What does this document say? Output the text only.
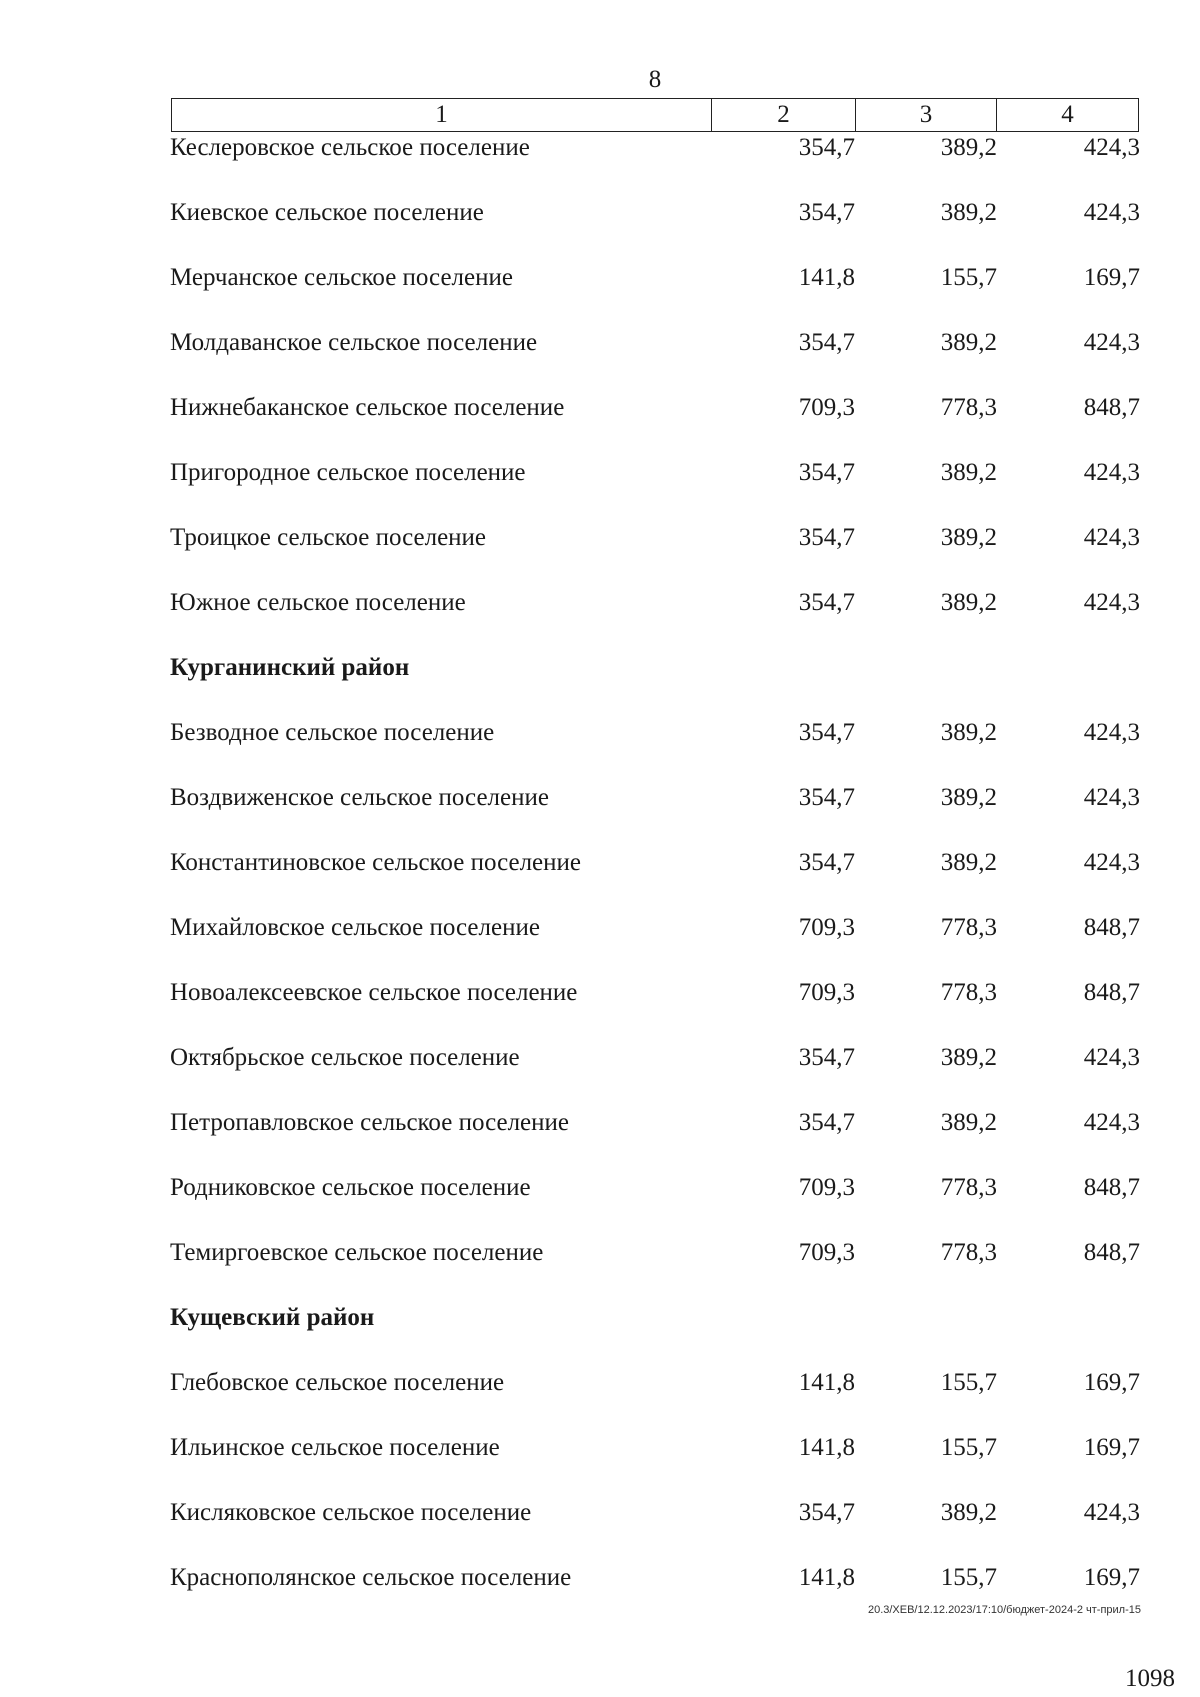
8
1	2	3	4
Кеслеровское сельское поселение	354,7	389,2	424,3
Киевское сельское поселение	354,7	389,2	424,3
Мерчанское сельское поселение	141,8	155,7	169,7
Молдаванское сельское поселение	354,7	389,2	424,3
Нижнебаканское сельское поселение	709,3	778,3	848,7
Пригородное сельское поселение	354,7	389,2	424,3
Троицкое сельское поселение	354,7	389,2	424,3
Южное сельское поселение	354,7	389,2	424,3
Курганинский район
Безводное сельское поселение	354,7	389,2	424,3
Воздвиженское сельское поселение	354,7	389,2	424,3
Константиновское сельское поселение	354,7	389,2	424,3
Михайловское сельское поселение	709,3	778,3	848,7
Новоалексеевское сельское поселение	709,3	778,3	848,7
Октябрьское сельское поселение	354,7	389,2	424,3
Петропавловское сельское поселение	354,7	389,2	424,3
Родниковское сельское поселение	709,3	778,3	848,7
Темиргоевское сельское поселение	709,3	778,3	848,7
Кущевский район
Глебовское сельское поселение	141,8	155,7	169,7
Ильинское сельское поселение	141,8	155,7	169,7
Кисляковское сельское поселение	354,7	389,2	424,3
Краснополянское сельское поселение	141,8	155,7	169,7
20.3/ХЕВ/12.12.2023/17:10/бюджет-2024-2 чт-прил-15
1098
